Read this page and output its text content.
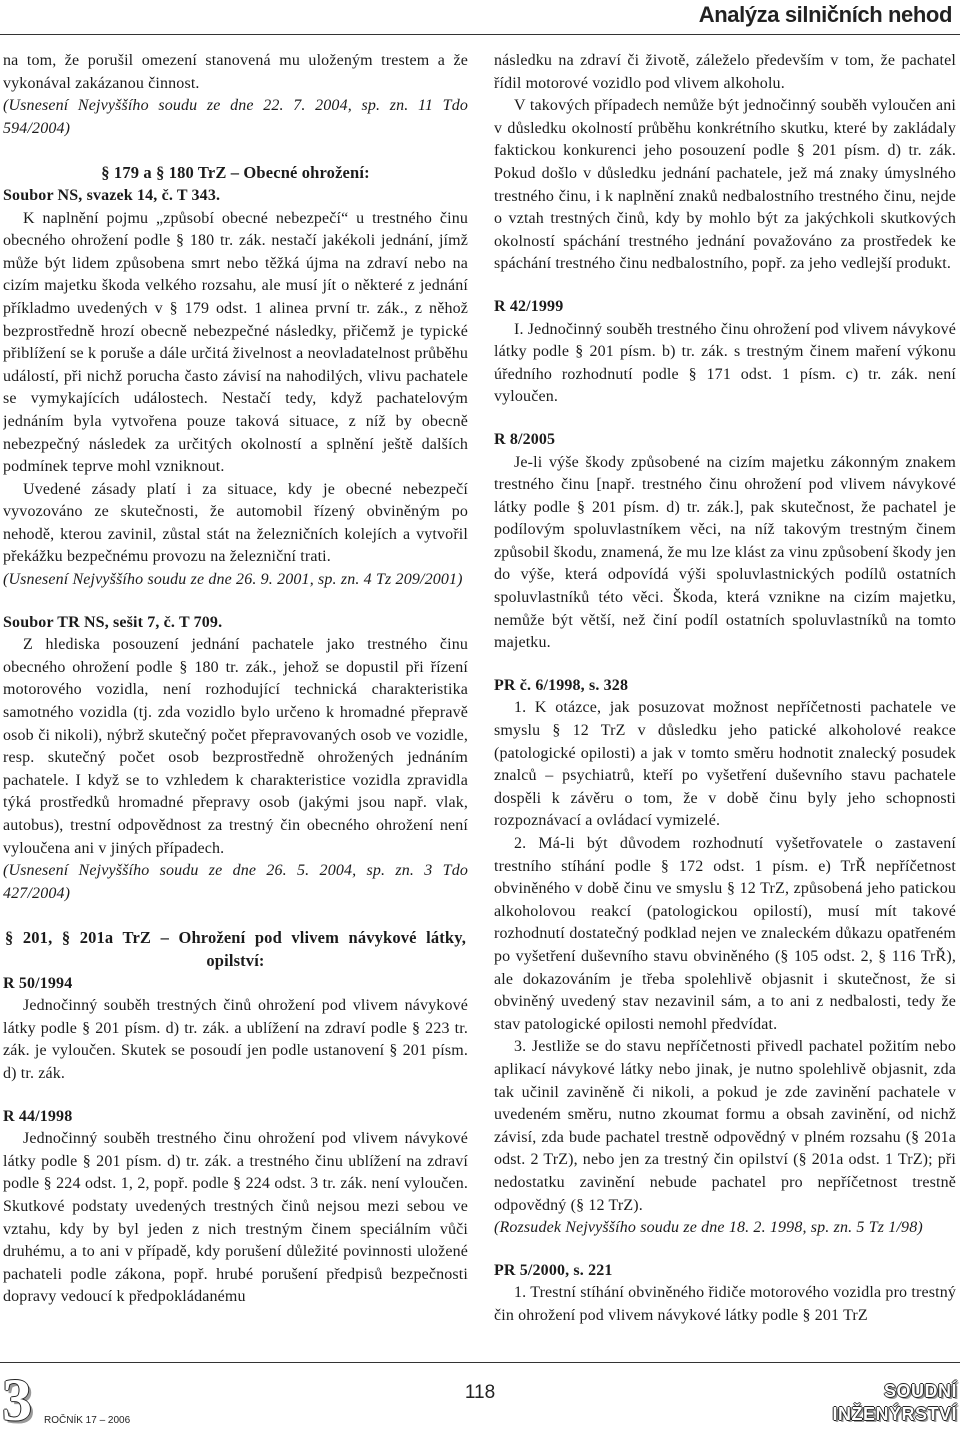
Analýza silničních nehod

na tom, že porušil omezení stanovená mu uloženým trestem a že vykonával zakázanou činnost.

(Usnesení Nejvyššího soudu ze dne 22. 7. 2004, sp. zn. 11 Tdo 594/2004)

§ 179 a § 180 TrZ – Obecné ohrožení:

Soubor NS, svazek 14, č. T 343.

K naplnění pojmu „způsobí obecné nebezpečí“ u trestného činu obecného ohrožení podle § 180 tr. zák. nestačí jakékoli jednání, jímž může být lidem způsobena smrt nebo těžká újma na zdraví nebo na cizím majetku škoda velkého rozsahu, ale musí jít o některé z jednání příkladmo uvedených v § 179 odst. 1 alinea první tr. zák., z něhož bezprostředně hrozí obecně nebezpečné následky, přičemž je typické přiblížení se k poruše a dále určitá živelnost a neovladatelnost průběhu událostí, při nichž porucha často závisí na nahodilých, vlivu pachatele se vymykajících událostech. Nestačí tedy, když pachatelovým jednáním byla vytvořena pouze taková situace, z níž by obecně nebezpečný následek za určitých okolností a splnění ještě dalších podmínek teprve mohl vzniknout.

Uvedené zásady platí i za situace, kdy je obecné nebezpečí vyvozováno ze skutečnosti, že automobil řízený obviněným po nehodě, kterou zavinil, zůstal stát na železničních kolejích a vytvořil překážku bezpečnému provozu na železniční trati.

(Usnesení Nejvyššího soudu ze dne 26. 9. 2001, sp. zn. 4 Tz 209/2001)

Soubor TR NS, sešit 7, č. T 709.

Z hlediska posouzení jednání pachatele jako trestného činu obecného ohrožení podle § 180 tr. zák., jehož se dopustil při řízení motorového vozidla, není rozhodující technická charakteristika samotného vozidla (tj. zda vozidlo bylo určeno k hromadné přepravě osob či nikoli), nýbrž skutečný počet přepravovaných osob ve vozidle, resp. skutečný počet osob bezprostředně ohrožených jednáním pachatele. I když se to vzhledem k charakteristice vozidla zpravidla týká prostředků hromadné přepravy osob (jakými jsou např. vlak, autobus), trestní odpovědnost za trestný čin obecného ohrožení není vyloučena ani v jiných případech.

(Usnesení Nejvyššího soudu ze dne 26. 5. 2004, sp. zn. 3 Tdo 427/2004)

§ 201, § 201a TrZ – Ohrožení pod vlivem návykové látky, opilství:

R 50/1994

Jednočinný souběh trestných činů ohrožení pod vlivem návykové látky podle § 201 písm. d) tr. zák. a ublížení na zdraví podle § 223 tr. zák. je vyloučen. Skutek se posoudí jen podle ustanovení § 201 písm. d) tr. zák.

R 44/1998

Jednočinný souběh trestného činu ohrožení pod vlivem návykové látky podle § 201 písm. d) tr. zák. a trestného činu ublížení na zdraví podle § 224 odst. 1, 2, popř. podle § 224 odst. 3 tr. zák. není vyloučen. Skutkové podstaty uvedených trestných činů nejsou mezi sebou ve vztahu, kdy by byl jeden z nich trestným činem speciálním vůči druhému, a to ani v případě, kdy porušení důležité povinnosti uložené pachateli podle zákona, popř. hrubé porušení předpisů bezpečnosti dopravy vedoucí k předpokládanému

následku na zdraví či životě, záleželo především v tom, že pachatel řídil motorové vozidlo pod vlivem alkoholu.

V takových případech nemůže být jednočinný souběh vyloučen ani v důsledku okolností průběhu konkrétního skutku, které by zakládaly faktickou konkurenci jeho posouzení podle § 201 písm. d) tr. zák. Pokud došlo v důsledku jednání pachatele, jež má znaky úmyslného trestného činu, i k naplnění znaků nedbalostního trestného činu, nejde o vztah trestných činů, kdy by mohlo být za jakýchkoli skutkových okolností spáchání trestného jednání považováno za prostředek ke spáchání trestného činu nedbalostního, popř. za jeho vedlejší produkt.

R 42/1999

I. Jednočinný souběh trestného činu ohrožení pod vlivem návykové látky podle § 201 písm. b) tr. zák. s trestným činem maření výkonu úředního rozhodnutí podle § 171 odst. 1 písm. c) tr. zák. není vyloučen.

R 8/2005

Je-li výše škody způsobené na cizím majetku zákonným znakem trestného činu [např. trestného činu ohrožení pod vlivem návykové látky podle § 201 písm. d) tr. zák.], pak skutečnost, že pachatel je podílovým spoluvlastníkem věci, na níž takovým trestným činem způsobil škodu, znamená, že mu lze klást za vinu způsobení škody jen do výše, která odpovídá výši spoluvlastnických podílů ostatních spoluvlastníků této věci. Škoda, která vznikne na cizím majetku, nemůže být větší, než činí podíl ostatních spoluvlastníků na tomto majetku.

PR č. 6/1998, s. 328

1. K otázce, jak posuzovat možnost nepříčetnosti pachatele ve smyslu § 12 TrZ v důsledku jeho patické alkoholové reakce (patologické opilosti) a jak v tomto směru hodnotit znalecký posudek znalců – psychiatrů, kteří po vyšetření duševního stavu pachatele dospěli k závěru o tom, že v době činu byly jeho schopnosti rozpoznávací a ovládací vymizelé.

2. Má-li být důvodem rozhodnutí vyšetřovatele o zastavení trestního stíhání podle § 172 odst. 1 písm. e) TrŘ nepříčetnost obviněného v době činu ve smyslu § 12 TrZ, způsobená jeho patickou alkoholovou reakcí (patologickou opilostí), musí mít takové rozhodnutí dostatečný podklad nejen ve znaleckém důkazu opatřeném po vyšetření duševního stavu obviněného (§ 105 odst. 2, § 116 TrŘ), ale dokazováním je třeba spolehlivě objasnit i skutečnost, že si obviněný uvedený stav nezavinil sám, a to ani z nedbalosti, tedy že stav patologické opilosti nemohl předvídat.

3. Jestliže se do stavu nepříčetnosti přivedl pachatel požitím nebo aplikací návykové látky nebo jinak, je nutno spolehlivě objasnit, zda tak učinil zaviněně či nikoli, a pokud je zde zavinění pachatele v uvedeném směru, nutno zkoumat formu a obsah zavinění, od nichž závisí, zda bude pachatel trestně odpovědný v plném rozsahu (§ 201a odst. 2 TrZ), nebo jen za trestný čin opilství (§ 201a odst. 1 TrZ); při nedostatku zavinění nebude pachatel pro nepříčetnost trestně odpovědný (§ 12 TrZ).

(Rozsudek Nejvyššího soudu ze dne 18. 2. 1998, sp. zn. 5 Tz 1/98)

PR 5/2000, s. 221

1. Trestní stíhání obviněného řidiče motorového vozidla pro trestný čin ohrožení pod vlivem návykové látky podle § 201 TrZ

3 ROČNÍK 17 – 2006
118	SOUDNÍ
INŽENÝRSTVÍ
